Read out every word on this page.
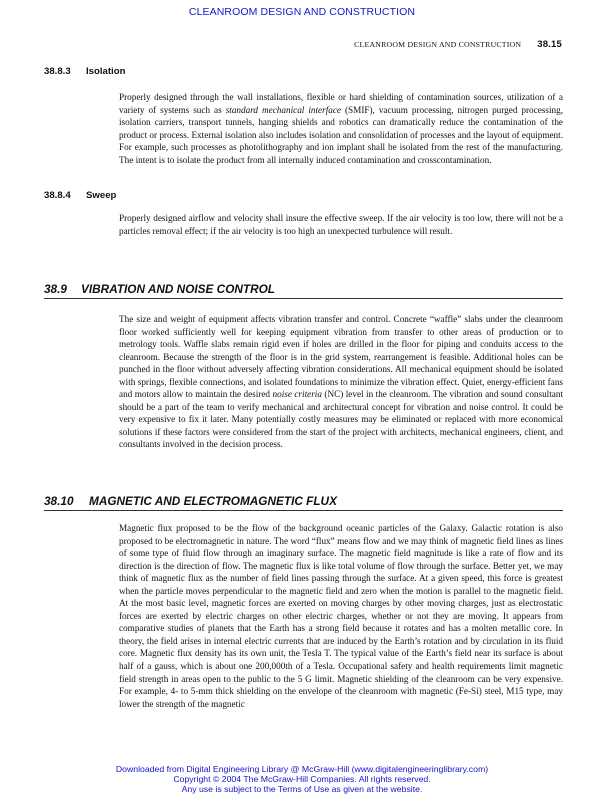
CLEANROOM DESIGN AND CONSTRUCTION
CLEANROOM DESIGN AND CONSTRUCTION 38.15
38.8.3 Isolation

Properly designed through the wall installations, flexible or hard shielding of contamination sources, utilization of a variety of systems such as standard mechanical interface (SMIF), vacuum processing, nitrogen purged processing, isolation carriers, transport tunnels, hanging shields and robotics can dramatically reduce the contamination of the product or process. External isolation also includes isolation and consolidation of processes and the layout of equipment. For example, such processes as photolithography and ion implant shall be isolated from the rest of the manufacturing. The intent is to isolate the product from all internally induced contamination and crosscontamination.

38.8.4 Sweep

Properly designed airflow and velocity shall insure the effective sweep. If the air velocity is too low, there will not be a particles removal effect; if the air velocity is too high an unexpected turbulence will result.

38.9 VIBRATION AND NOISE CONTROL

The size and weight of equipment affects vibration transfer and control. Concrete “waffle” slabs under the cleanroom floor worked sufficiently well for keeping equipment vibration from transfer to other areas of production or to metrology tools. Waffle slabs remain rigid even if holes are drilled in the floor for piping and conduits access to the cleanroom. Because the strength of the floor is in the grid system, rearrangement is feasible. Additional holes can be punched in the floor without adversely affecting vibration considerations. All mechanical equipment should be isolated with springs, flexible connections, and isolated foundations to minimize the vibration effect. Quiet, energy-efficient fans and motors allow to maintain the desired noise criteria (NC) level in the cleanroom. The vibration and sound consultant should be a part of the team to verify mechanical and architectural concept for vibration and noise control. It could be very expensive to fix it later. Many potentially costly measures may be eliminated or replaced with more economical solutions if these factors were considered from the start of the project with architects, mechanical engineers, client, and consultants involved in the decision process.

38.10 MAGNETIC AND ELECTROMAGNETIC FLUX

Magnetic flux proposed to be the flow of the background oceanic particles of the Galaxy. Galactic rotation is also proposed to be electromagnetic in nature. The word “flux” means flow and we may think of magnetic field lines as lines of some type of fluid flow through an imaginary surface. The magnetic field magnitude is like a rate of flow and its direction is the direction of flow. The magnetic flux is like total volume of flow through the surface. Better yet, we may think of magnetic flux as the number of field lines passing through the surface. At a given speed, this force is greatest when the particle moves perpendicular to the magnetic field and zero when the motion is parallel to the magnetic field. At the most basic level, magnetic forces are exerted on moving charges by other moving charges, just as electrostatic forces are exerted by electric charges on other electric charges, whether or not they are moving. It appears from comparative studies of planets that the Earth has a strong field because it rotates and has a molten metallic core. In theory, the field arises in internal electric currents that are induced by the Earth’s rotation and by circulation in its fluid core. Magnetic flux density has its own unit, the Tesla T. The typical value of the Earth’s field near its surface is about half of a gauss, which is about one 200,000th of a Tesla. Occupational safety and health requirements limit magnetic field strength in areas open to the public to the 5 G limit. Magnetic shielding of the cleanroom can be very expensive. For example, 4- to 5-mm thick shielding on the envelope of the cleanroom with magnetic (Fe-Si) steel, M15 type, may lower the strength of the magnetic

Downloaded from Digital Engineering Library @ McGraw-Hill (www.digitalengineeringlibrary.com)
Copyright © 2004 The McGraw-Hill Companies. All rights reserved.
Any use is subject to the Terms of Use as given at the website.
